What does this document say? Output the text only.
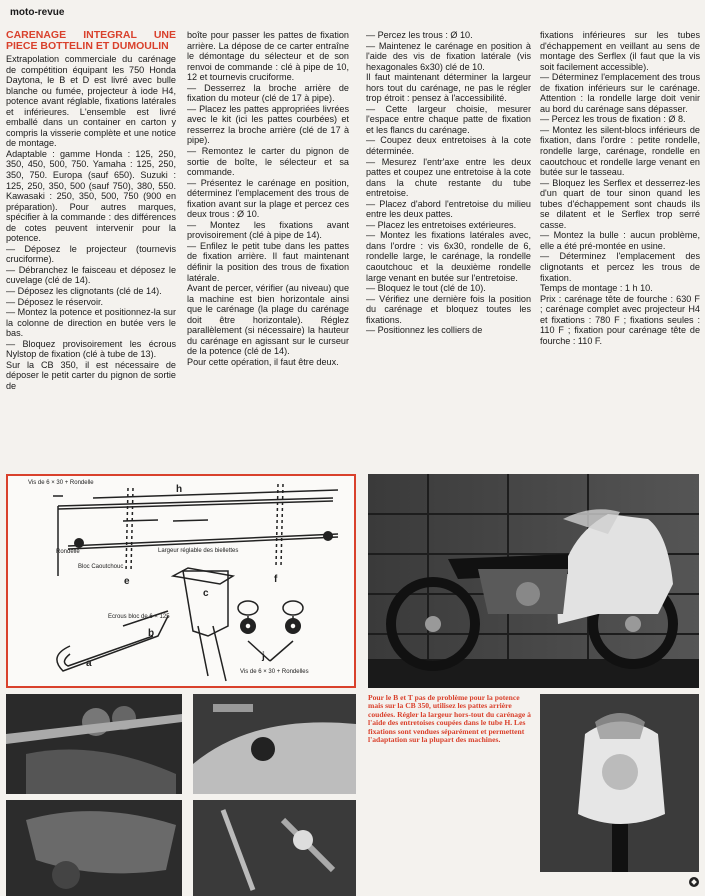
moto-revue
CARENAGE INTEGRAL UNE PIECE BOTTELIN ET DUMOULIN

Extrapolation commerciale du carénage de compétition équipant les 750 Honda Daytona, le B et D est livré avec bulle blanche ou fumée, projecteur à iode H4, potence avant réglable, fixations latérales et inférieures. L'ensemble est livré emballé dans un container en carton y compris la visserie complète et une notice de montage.

Adaptable : gamme Honda : 125, 250, 350, 450, 500, 750. Yamaha : 125, 250, 350, 750. Europa (sauf 650). Suzuki : 125, 250, 350, 500 (sauf 750), 380, 550. Kawasaki : 250, 350, 500, 750 (900 en préparation). Pour autres marques, spécifier à la commande : des différences de cotes peuvent intervenir pour la potence.

— Déposez le projecteur (tournevis cruciforme).

— Débranchez le faisceau et déposez le cuvelage (clé de 14).

— Déposez les clignotants (clé de 14).

— Déposez le réservoir.

— Montez la potence et positionnez-la sur la colonne de direction en butée vers le bas.

— Bloquez provisoirement les écrous Nylstop de fixation (clé à tube de 13).

Sur la CB 350, il est nécessaire de déposer le petit carter du pignon de sortie de

boîte pour passer les pattes de fixation arrière. La dépose de ce carter entraîne le démontage du sélecteur et de son renvoi de commande : clé à pipe de 10, 12 et tournevis cruciforme.

— Desserrez la broche arrière de fixation du moteur (clé de 17 à pipe).

— Placez les pattes appropriées livrées avec le kit (ici les pattes courbées) et resserrez la broche arrière (clé de 17 à pipe).

— Remontez le carter du pignon de sortie de boîte, le sélecteur et sa commande.

— Présentez le carénage en position, déterminez l'emplacement des trous de fixation avant sur la plage et percez ces deux trous : Ø 10.

— Montez les fixations avant provisoirement (clé à pipe de 14).

— Enfilez le petit tube dans les pattes de fixation arrière. Il faut maintenant définir la position des trous de fixation latérale.

Avant de percer, vérifier (au niveau) que la machine est bien horizontale ainsi que le carénage (la plage du carénage doit être horizontale). Réglez parallèlement (si nécessaire) la hauteur du carénage en agissant sur le curseur de la potence (clé de 14).

Pour cette opération, il faut être deux.

— Percez les trous : Ø 10.

— Maintenez le carénage en position à l'aide des vis de fixation latérale (vis hexagonales 6x30) clé de 10.

Il faut maintenant déterminer la largeur hors tout du carénage, ne pas le régler trop étroit : pensez à l'accessibilité.

— Cette largeur choisie, mesurer l'espace entre chaque patte de fixation et les flancs du carénage.

— Coupez deux entretoises à la cote déterminée.

— Mesurez l'entr'axe entre les deux pattes et coupez une entretoise à la cote dans la chute restante du tube entretoise.

— Placez d'abord l'entretoise du milieu entre les deux pattes.

— Placez les entretoises extérieures.

— Montez les fixations latérales avec, dans l'ordre : vis 6x30, rondelle de 6, rondelle large, le carénage, la rondelle caoutchouc et la deuxième rondelle large venant en butée sur l'entretoise.

— Bloquez le tout (clé de 10).

— Vérifiez une dernière fois la position du carénage et bloquez toutes les fixations.

— Positionnez les colliers de

fixations inférieures sur les tubes d'échappement en veillant au sens de montage des Serflex (il faut que la vis soit facilement accessible).

— Déterminez l'emplacement des trous de fixation inférieurs sur le carénage. Attention : la rondelle large doit venir au bord du carénage sans dépasser.

— Percez les trous de fixation : Ø 8.

— Montez les silent-blocs inférieurs de fixation, dans l'ordre : petite rondelle, rondelle large, carénage, rondelle en caoutchouc et rondelle large venant en butée sur le tasseau.

— Bloquez les Serflex et desserrez-les d'un quart de tour sinon quand les tubes d'échappement sont chauds ils se dilatent et le Serflex trop serré casse.

— Montez la bulle : aucun problème, elle a été pré-montée en usine.

— Déterminez l'emplacement des clignotants et percez les trous de fixation.

Temps de montage : 1 h 10.

Prix : carénage tête de fourche : 630 F ; carénage complet avec projecteur H4 et fixations : 780 F ; fixations seules : 110 F ; fixation pour carénage tête de fourche : 110 F.

Vis de 6 × 30 + Rondelle
Rondelle
Bloc Caoutchouc
Largeur réglable des biellettes
Ecrous bloc de 6 × 125
Vis de 6 × 30 + Rondelles
h
c
e	f
b
a
j
Pour le B et T pas de problème pour la potence mais sur la CB 350, utilisez les pattes arrière coudées. Régler la largeur hors-tout du carénage à l'aide des entretoises coupées dans le tube H. Les fixations sont vendues séparément et permettent l'adaptation sur la plupart des machines.
